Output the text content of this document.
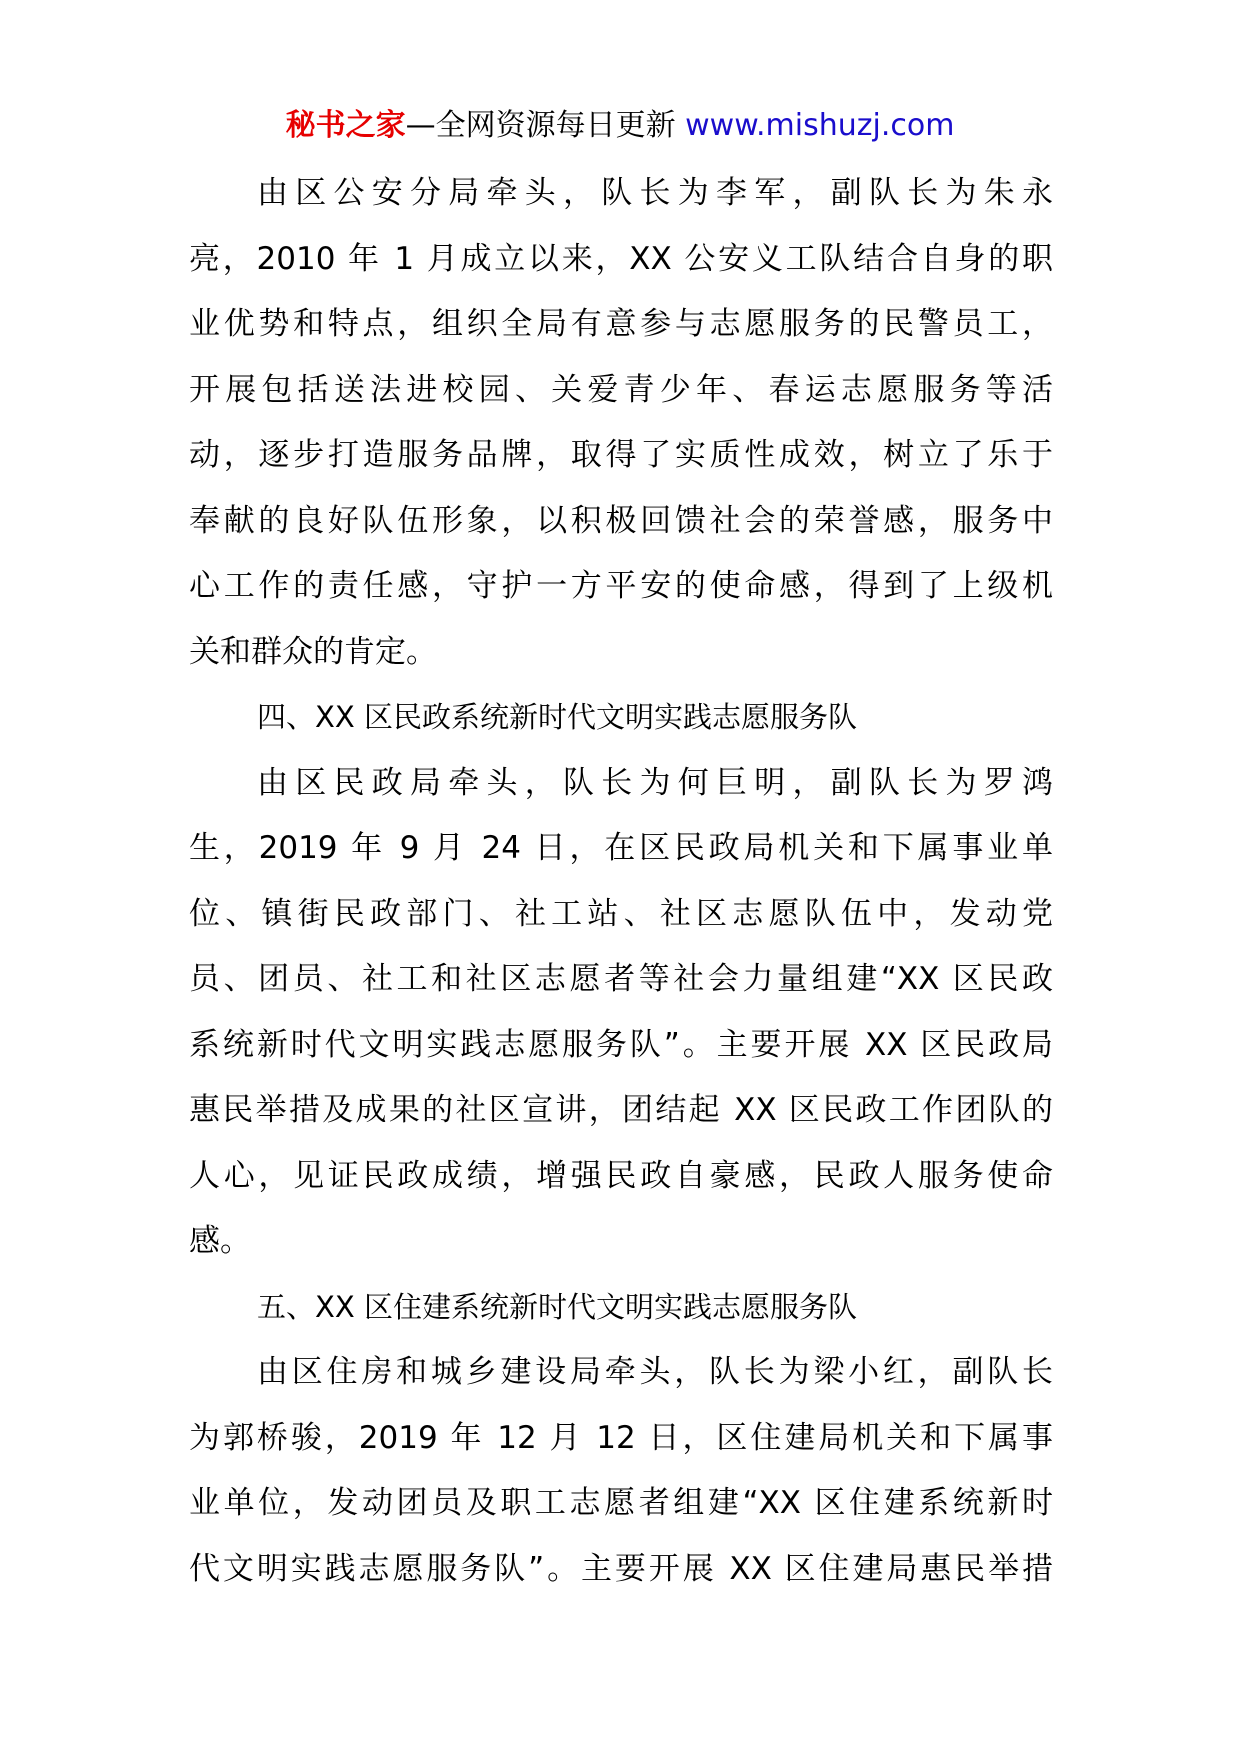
秘书之家—全网资源每日更新 www.mishuzj.com
由区公安分局牵头，队长为李军，副队长为朱永
亮，2010 年 1 月成立以来，XX 公安义工队结合自身的职
业优势和特点，组织全局有意参与志愿服务的民警员工，
开展包括送法进校园、关爱青少年、春运志愿服务等活
动，逐步打造服务品牌，取得了实质性成效，树立了乐于
奉献的良好队伍形象，以积极回馈社会的荣誉感，服务中
心工作的责任感，守护一方平安的使命感，得到了上级机
关和群众的肯定。
四、XX 区民政系统新时代文明实践志愿服务队
由区民政局牵头，队长为何巨明，副队长为罗鸿
生，2019 年 9 月 24 日，在区民政局机关和下属事业单
位、镇街民政部门、社工站、社区志愿队伍中，发动党
员、团员、社工和社区志愿者等社会力量组建“XX 区民政
系统新时代文明实践志愿服务队”。主要开展 XX 区民政局
惠民举措及成果的社区宣讲，团结起 XX 区民政工作团队的
人心，见证民政成绩，增强民政自豪感，民政人服务使命
感。
五、XX 区住建系统新时代文明实践志愿服务队
由区住房和城乡建设局牵头，队长为梁小红，副队长
为郭桥骏，2019 年 12 月 12 日，区住建局机关和下属事
业单位，发动团员及职工志愿者组建“XX 区住建系统新时
代文明实践志愿服务队”。主要开展 XX 区住建局惠民举措
